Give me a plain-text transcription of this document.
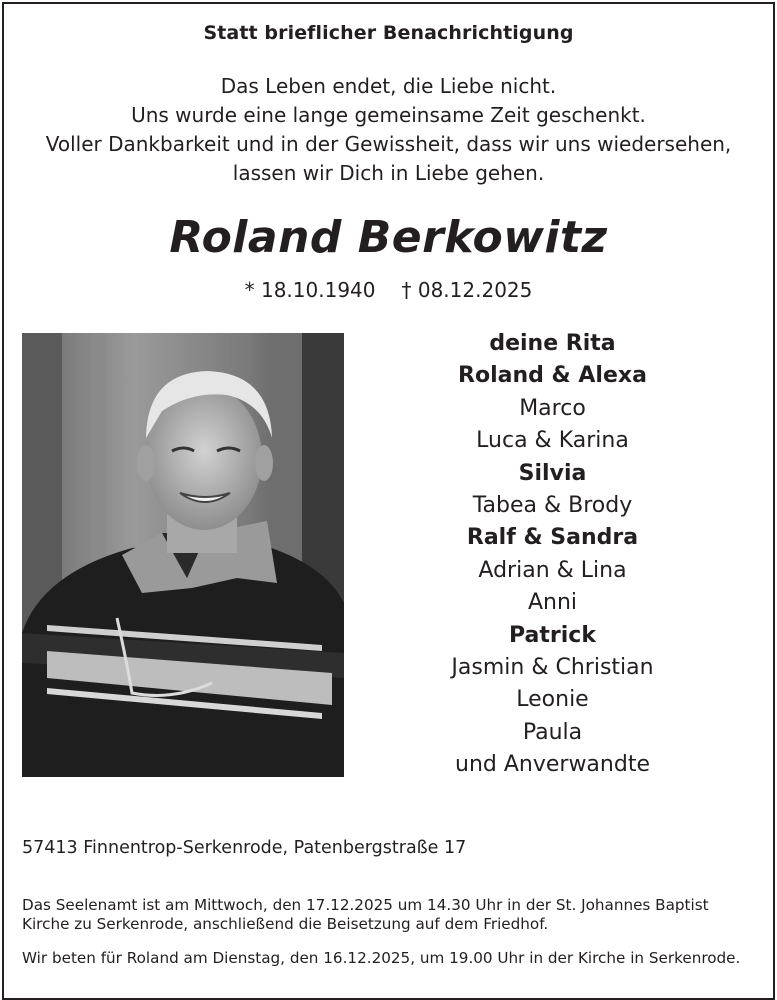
Statt brieflicher Benachrichtigung
Das Leben endet, die Liebe nicht.
Uns wurde eine lange gemeinsame Zeit geschenkt.
Voller Dankbarkeit und in der Gewissheit, dass wir uns wiedersehen,
lassen wir Dich in Liebe gehen.
Roland Berkowitz
* 18.10.1940 † 08.12.2025
deine Rita
Roland & Alexa
Marco
Luca & Karina
Silvia
Tabea & Brody
Ralf & Sandra
Adrian & Lina
Anni
Patrick
Jasmin & Christian
Leonie
Paula
und Anverwandte
57413 Finnentrop-Serkenrode, Patenbergstraße 17
Das Seelenamt ist am Mittwoch, den 17.12.2025 um 14.30 Uhr in der St. Johannes Baptist
Kirche zu Serkenrode, anschließend die Beisetzung auf dem Friedhof.
Wir beten für Roland am Dienstag, den 16.12.2025, um 19.00 Uhr in der Kirche in Serkenrode.
